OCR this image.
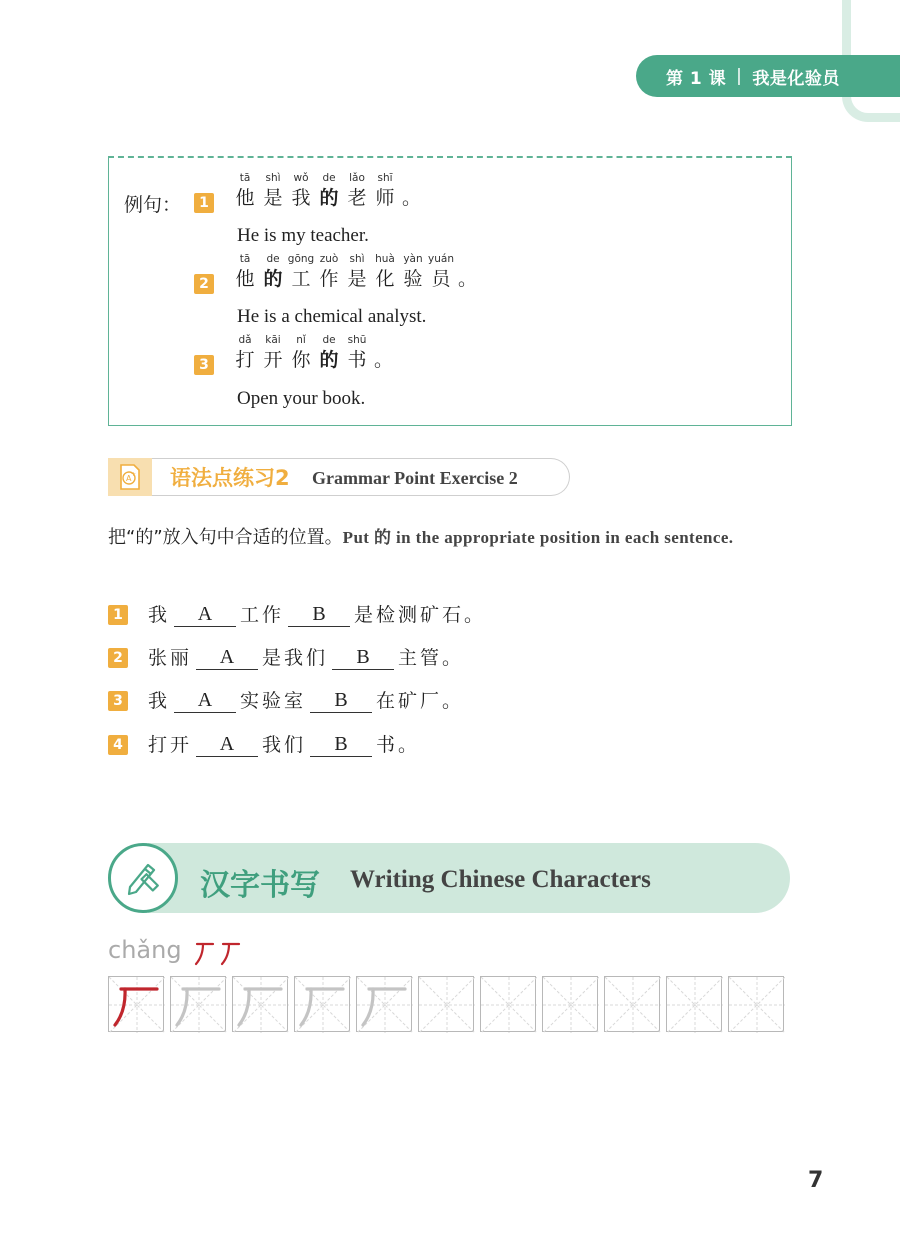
第 1 课 | 我是化验员
例句：	1
tā
他
shì
是
wǒ
我
de
的
lǎo
老
shī
师 。
He is my teacher.
2
tā
他
de
的
gōng
工
zuò
作
shì
是
huà
化
yàn
验
yuán
员 。
He is a chemical analyst.
3
dǎ
打
kāi
开
nǐ
你
de
的
shū
书 。
Open your book.
A + 语法点练习2 Grammar Point Exercise 2
把“的”放入句中合适的位置。Put 的 in the appropriate position in each sentence.
1 我	A	工作	B	是检测矿石。
2 张丽	A	是我们	B	主管。
3 我	A	实验室	B	在矿厂。
4 打开	A	我们	B	书。
汉字书写 Writing Chinese Characters
chǎng
7
